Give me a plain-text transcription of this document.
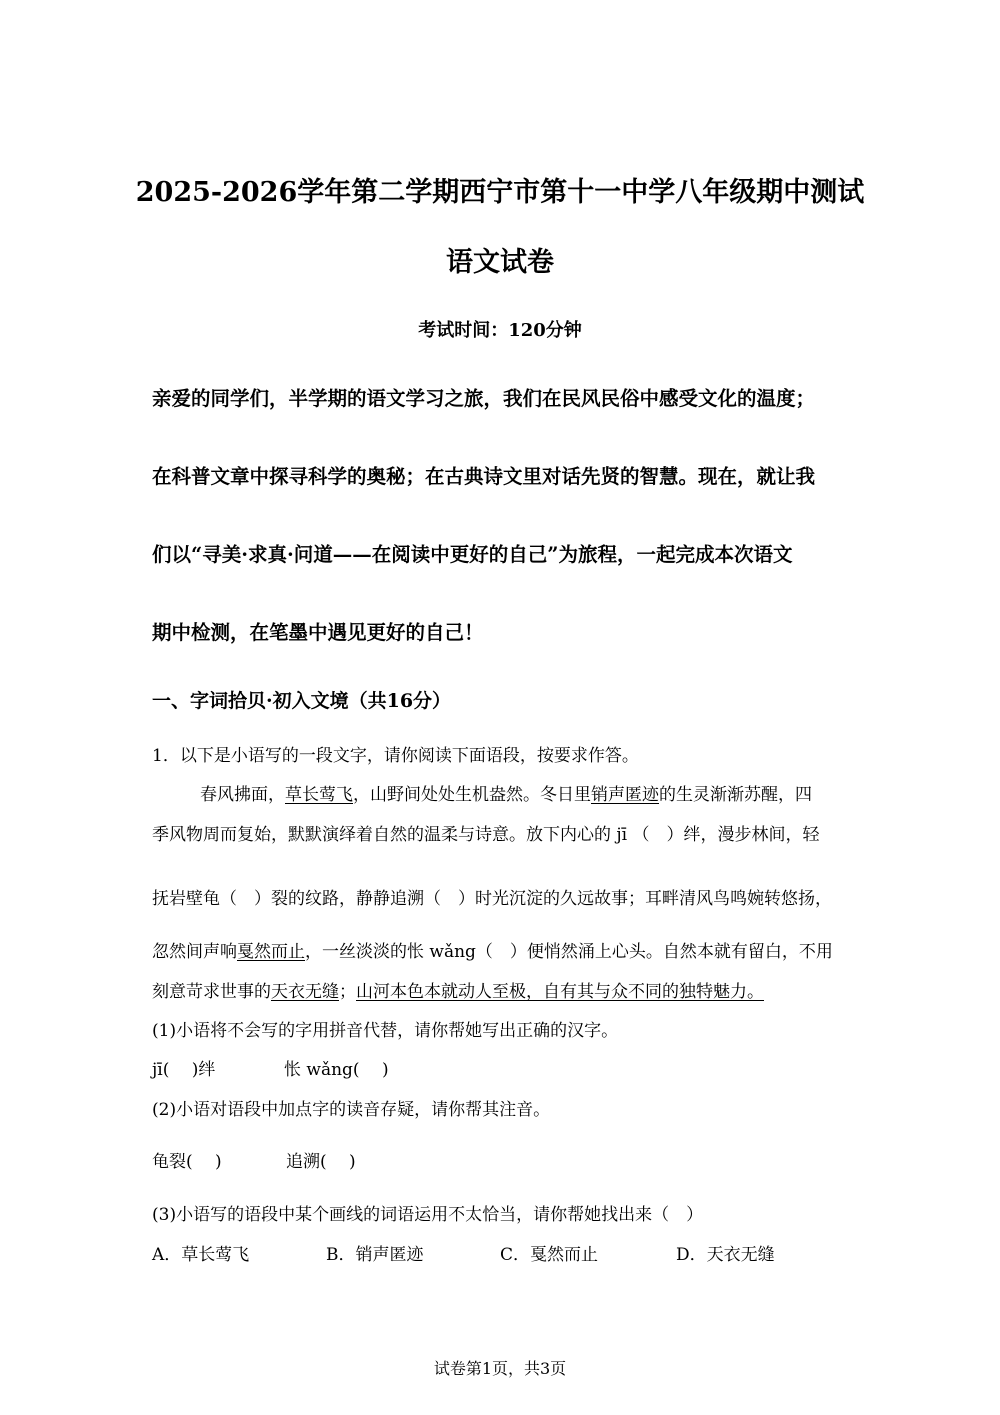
2025-2026学年第二学期西宁市第十一中学八年级期中测试
语文试卷
考试时间：120分钟
亲爱的同学们，半学期的语文学习之旅，我们在民风民俗中感受文化的温度；
在科普文章中探寻科学的奥秘；在古典诗文里对话先贤的智慧。现在，就让我
们以“寻美·求真·问道——在阅读中更好的自己”为旅程，一起完成本次语文
期中检测，在笔墨中遇见更好的自己！
一、字词拾贝·初入文境（共16分）
1．以下是小语写的一段文字，请你阅读下面语段，按要求作答。
春风拂面，草长莺飞，山野间处处生机盎然。冬日里销声匿迹的生灵渐渐苏醒，四
季风物周而复始，默默演绎着自然的温柔与诗意。放下内心的 jī （　）绊，漫步林间，轻
抚岩壁龟（　）裂的纹路，静静追溯（　）时光沉淀的久远故事；耳畔清风鸟鸣婉转悠扬，
忽然间声响戛然而止，一丝淡淡的怅 wǎng（　）便悄然涌上心头。自然本就有留白，不用
刻意苛求世事的天衣无缝；山河本色本就动人至极，自有其与众不同的独特魅力。
(1)小语将不会写的字用拼音代替，请你帮她写出正确的汉字。
jī(　 )绊	怅 wǎng(　 )
(2)小语对语段中加点字的读音存疑，请你帮其注音。
龟裂(　 )	追溯(　 )
(3)小语写的语段中某个画线的词语运用不太恰当，请你帮她找出来（　）
A．草长莺飞	B．销声匿迹	C．戛然而止	D．天衣无缝
试卷第1页，共3页
